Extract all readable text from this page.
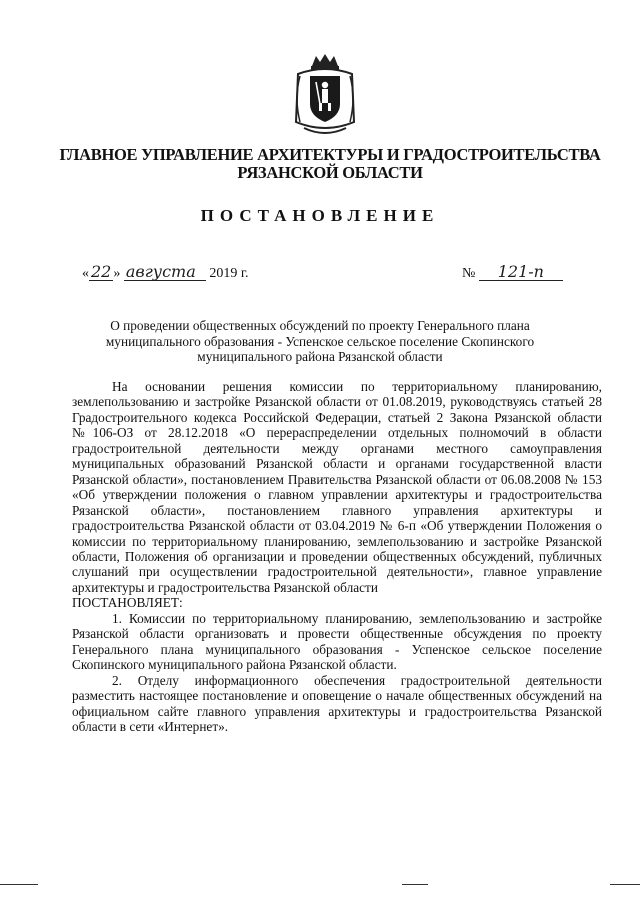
ГЛАВНОЕ УПРАВЛЕНИЕ АРХИТЕКТУРЫ И ГРАДОСТРОИТЕЛЬСТВА
РЯЗАНСКОЙ ОБЛАСТИ
ПОСТАНОВЛЕНИЕ
« 22 » августа 2019 г.	№ 121-п
О проведении общественных обсуждений по проекту Генерального плана
муниципального образования - Успенское сельское поселение Скопинского
муниципального района Рязанской области

На основании решения комиссии по территориальному планированию, землепользованию и застройке Рязанской области от 01.08.2019, руководствуясь статьей 28 Градостроительного кодекса Российской Федерации, статьей 2 Закона Рязанской области №106-ОЗ от 28.12.2018 «О перераспределении отдельных полномочий в области градостроительной деятельности между органами местного самоуправления муниципальных образований Рязанской области и органами государственной власти Рязанской области», постановлением Правительства Рязанской области от 06.08.2008 № 153 «Об утверждении положения о главном управлении архитектуры и градостроительства Рязанской области», постановлением главного управления архитектуры и градостроительства Рязанской области от 03.04.2019 № 6-п «Об утверждении Положения о комиссии по территориальному планированию, землепользованию и застройке Рязанской области, Положения об организации и проведении общественных обсуждений, публичных слушаний при осуществлении градостроительной деятельности», главное управление архитектуры и градостроительства Рязанской области

ПОСТАНОВЛЯЕТ:

1. Комиссии по территориальному планированию, землепользованию и застройке Рязанской области организовать и провести общественные обсуждения по проекту Генерального плана муниципального образования - Успенское сельское поселение Скопинского муниципального района Рязанской области.

2. Отделу информационного обеспечения градостроительной деятельности разместить настоящее постановление и оповещение о начале общественных обсуждений на официальном сайте главного управления архитектуры и градостроительства Рязанской области в сети «Интернет».
